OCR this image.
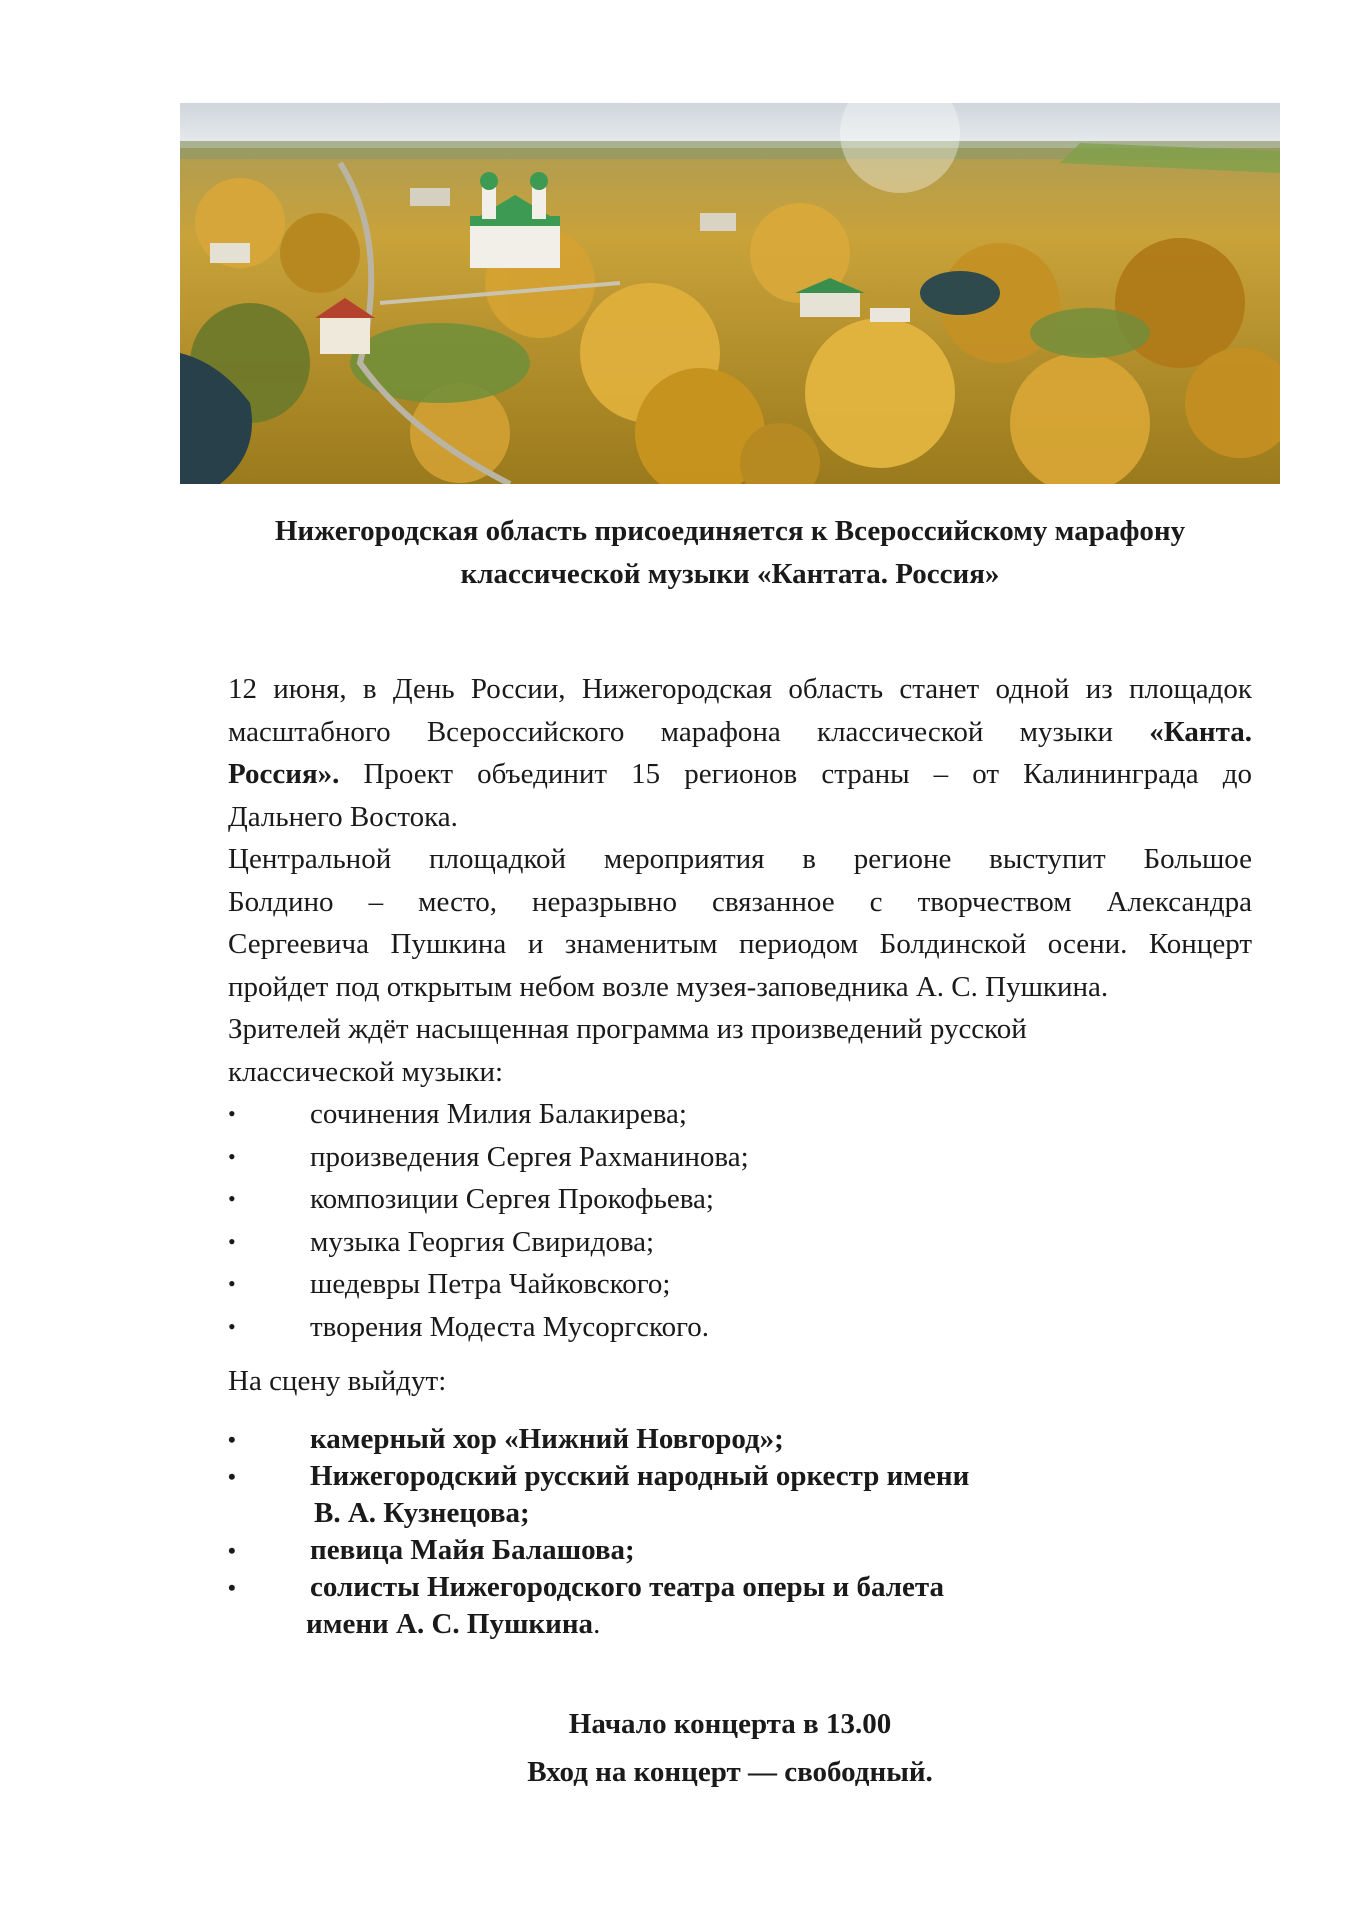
Нижегородская область присоединяется к Всероссийскому марафону
классической музыки «Кантата. Россия»

12 июня, в День России, Нижегородская область станет одной из площадок

масштабного Всероссийского марафона классической музыки «Канта.

Россия». Проект объединит 15 регионов страны – от Калининграда до

Дальнего Востока.

Центральной площадкой мероприятия в регионе выступит Большое

Болдино – место, неразрывно связанное с творчеством Александра

Сергеевича Пушкина и знаменитым периодом Болдинской осени. Концерт

пройдет под открытым небом возле музея-заповедника А. С. Пушкина.

Зрителей ждёт насыщенная программа из произведений русской

классической музыки:

• сочинения Милия Балакирева;
• произведения Сергея Рахманинова;
• композиции Сергея Прокофьева;
• музыка Георгия Свиридова;
• шедевры Петра Чайковского;
• творения Модеста Мусоргского.

На сцену выйдут:

• камерный хор «Нижний Новгород»;
• Нижегородский русский народный оркестр имени
В. А. Кузнецова;
• певица Майя Балашова;
• солисты Нижегородского театра оперы и балета
имени А. С. Пушкина.
Начало концерта в 13.00
Вход на концерт — свободный.
